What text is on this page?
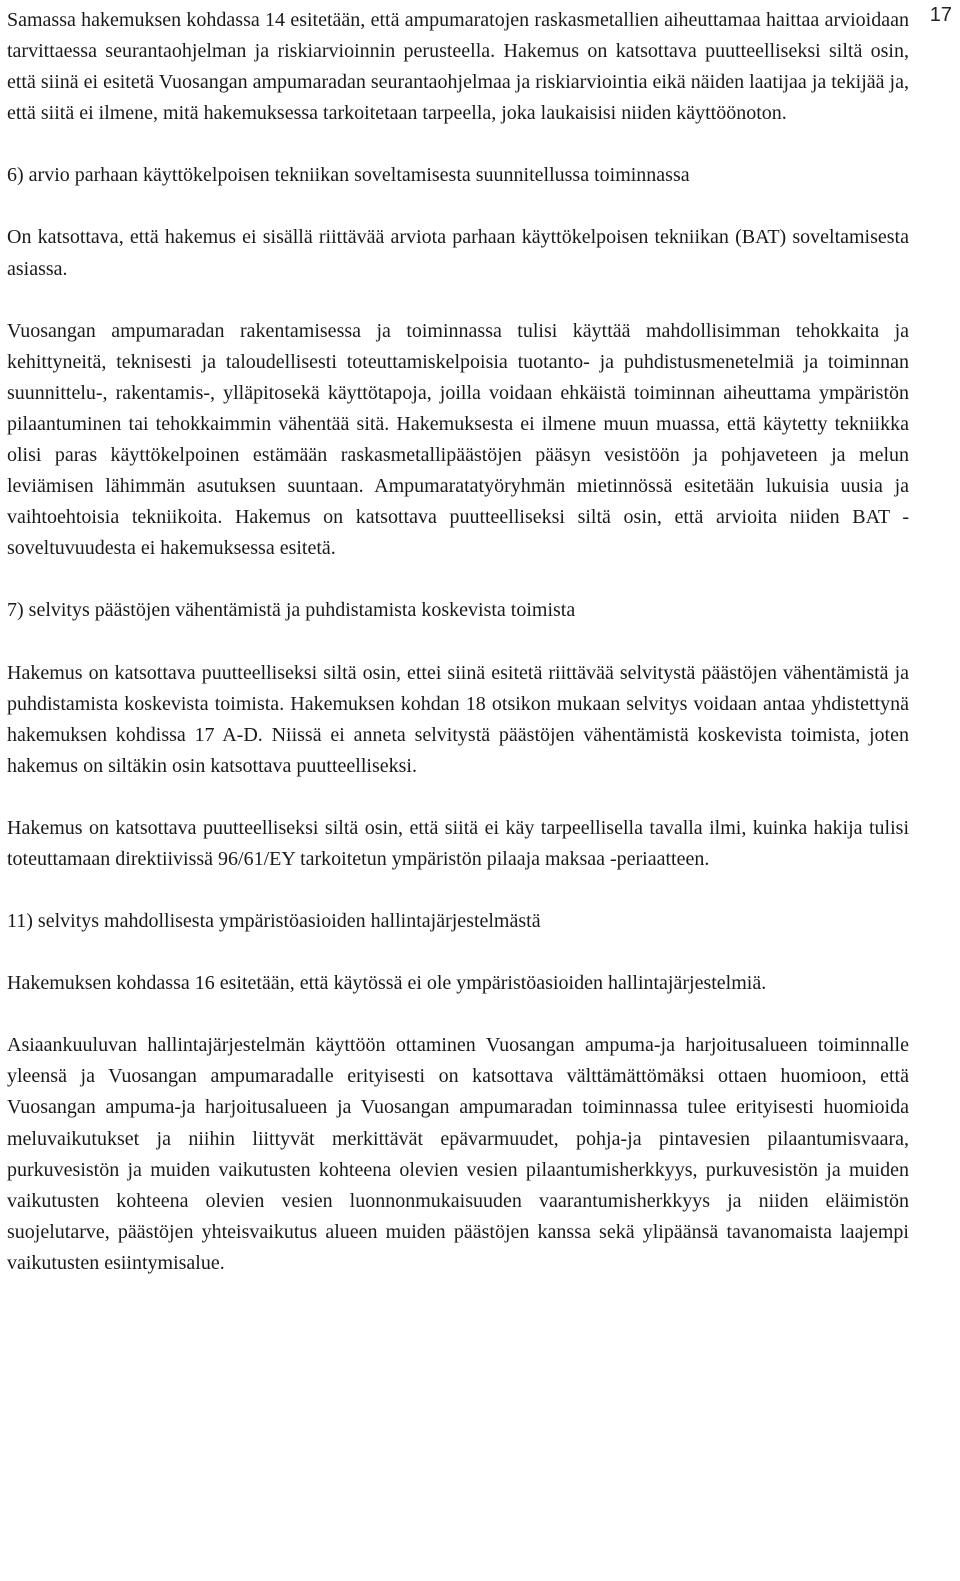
17

Samassa hakemuksen kohdassa 14 esitetään, että ampumaratojen raskasmetallien aiheuttamaa haittaa arvioidaan tarvittaessa seurantaohjelman ja riskiarvioinnin perusteella. Hakemus on katsottava puutteelliseksi siltä osin, että siinä ei esitetä Vuosangan ampumaradan seurantaohjelmaa ja riskiarviointia eikä näiden laatijaa ja tekijää ja, että siitä ei ilmene, mitä hakemuksessa tarkoitetaan tarpeella, joka laukaisisi niiden käyttöönoton.

6) arvio parhaan käyttökelpoisen tekniikan soveltamisesta suunnitellussa toiminnassa

On katsottava, että hakemus ei sisällä riittävää arviota parhaan käyttökelpoisen tekniikan (BAT) soveltamisesta asiassa.

Vuosangan ampumaradan rakentamisessa ja toiminnassa tulisi käyttää mahdollisimman tehokkaita ja kehittyneitä, teknisesti ja taloudellisesti toteuttamiskelpoisia tuotanto- ja puhdistusmenetelmiä ja toiminnan suunnittelu-, rakentamis-, ylläpitosekä käyttötapoja, joilla voidaan ehkäistä toiminnan aiheuttama ympäristön pilaantuminen tai tehokkaimmin vähentää sitä. Hakemuksesta ei ilmene muun muassa, että käytetty tekniikka olisi paras käyttökelpoinen estämään raskasmetallipäästöjen pääsyn vesistöön ja pohjaveteen ja melun leviämisen lähimmän asutuksen suuntaan. Ampumaratatyöryhmän mietinnössä esitetään lukuisia uusia ja vaihtoehtoisia tekniikoita. Hakemus on katsottava puutteelliseksi siltä osin, että arvioita niiden BAT - soveltuvuudesta ei hakemuksessa esitetä.

7) selvitys päästöjen vähentämistä ja puhdistamista koskevista toimista

Hakemus on katsottava puutteelliseksi siltä osin, ettei siinä esitetä riittävää selvitystä päästöjen vähentämistä ja puhdistamista koskevista toimista. Hakemuksen kohdan 18 otsikon mukaan selvitys voidaan antaa yhdistettynä hakemuksen kohdissa 17 A-D. Niissä ei anneta selvitystä päästöjen vähentämistä koskevista toimista, joten hakemus on siltäkin osin katsottava puutteelliseksi.

Hakemus on katsottava puutteelliseksi siltä osin, että siitä ei käy tarpeellisella tavalla ilmi, kuinka hakija tulisi toteuttamaan direktiivissä 96/61/EY tarkoitetun ympäristön pilaaja maksaa -periaatteen.

11) selvitys mahdollisesta ympäristöasioiden hallintajärjestelmästä

Hakemuksen kohdassa 16 esitetään, että käytössä ei ole ympäristöasioiden hallintajärjestelmiä.

Asiaankuuluvan hallintajärjestelmän käyttöön ottaminen Vuosangan ampuma-ja harjoitusalueen toiminnalle yleensä ja Vuosangan ampumaradalle erityisesti on katsottava välttämättömäksi ottaen huomioon, että Vuosangan ampuma-ja harjoitusalueen ja Vuosangan ampumaradan toiminnassa tulee erityisesti huomioida meluvaikutukset ja niihin liittyvät merkittävät epävarmuudet, pohja-ja pintavesien pilaantumisvaara, purkuvesistön ja muiden vaikutusten kohteena olevien vesien pilaantumisherkkyys, purkuvesistön ja muiden vaikutusten kohteena olevien vesien luonnonmukaisuuden vaarantumisherkkyys ja niiden eläimistön suojelutarve, päästöjen yhteisvaikutus alueen muiden päästöjen kanssa sekä ylipäänsä tavanomaista laajempi vaikutusten esiintymisalue.
